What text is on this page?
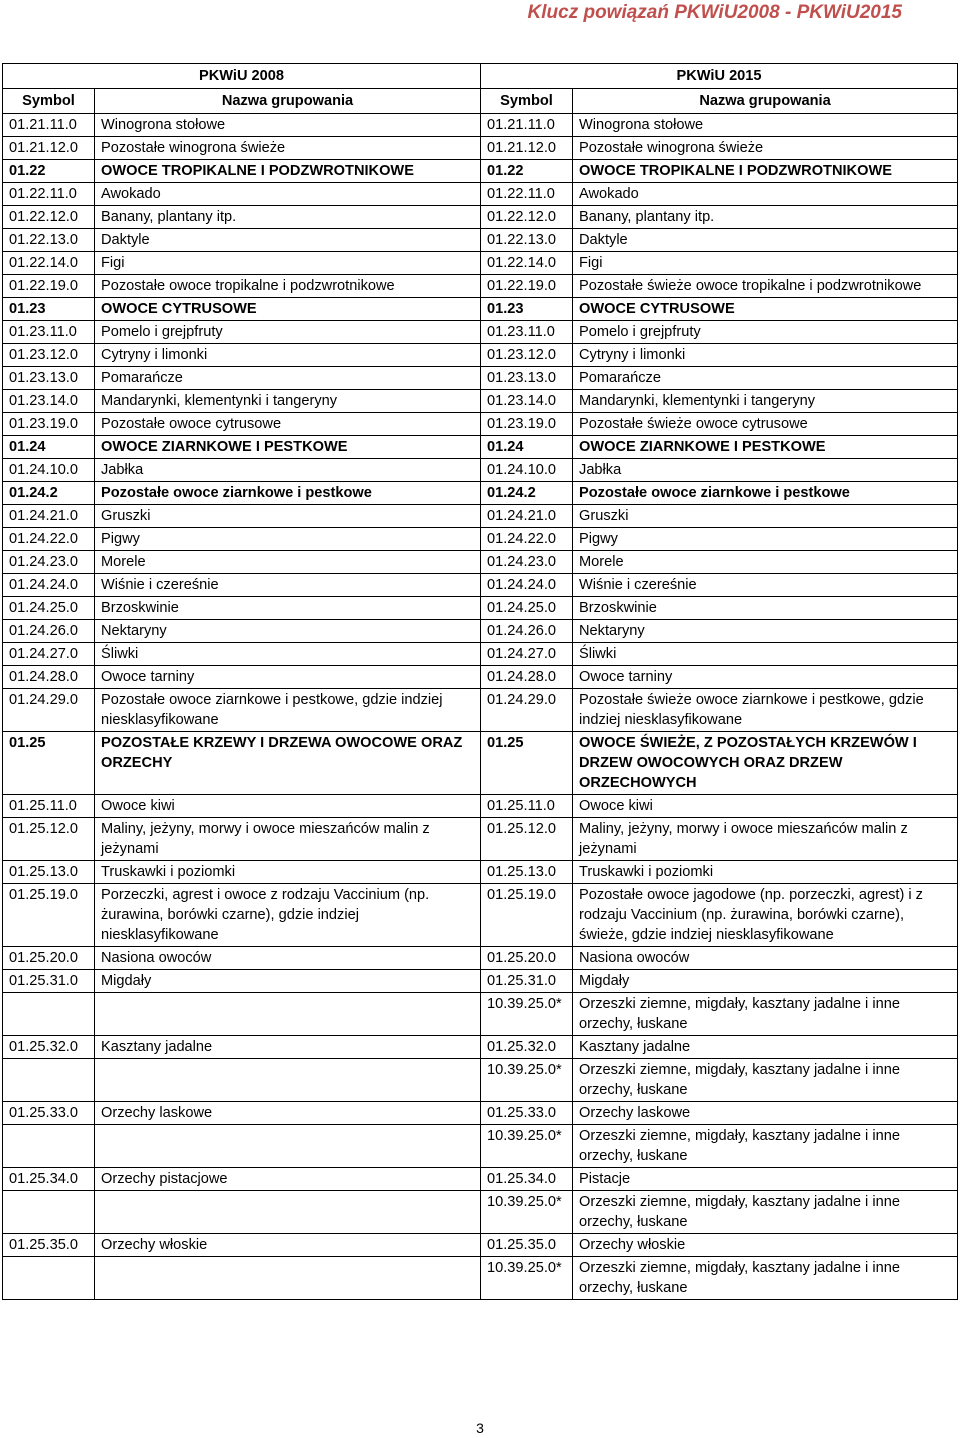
Klucz powiązań PKWiU2008 - PKWiU2015
PKWiU 2008		PKWiU 2015	
Symbol	Nazwa grupowania	Symbol	Nazwa grupowania
01.21.11.0	Winogrona stołowe	01.21.11.0	Winogrona stołowe
01.21.12.0	Pozostałe winogrona świeże	01.21.12.0	Pozostałe winogrona świeże
01.22	OWOCE TROPIKALNE I PODZWROTNIKOWE	01.22	OWOCE TROPIKALNE I PODZWROTNIKOWE
01.22.11.0	Awokado	01.22.11.0	Awokado
01.22.12.0	Banany, plantany itp.	01.22.12.0	Banany, plantany itp.
01.22.13.0	Daktyle	01.22.13.0	Daktyle
01.22.14.0	Figi	01.22.14.0	Figi
01.22.19.0	Pozostałe owoce tropikalne i podzwrotnikowe	01.22.19.0	Pozostałe świeże owoce tropikalne i podzwrotnikowe
01.23	OWOCE CYTRUSOWE	01.23	OWOCE CYTRUSOWE
01.23.11.0	Pomelo i grejpfruty	01.23.11.0	Pomelo i grejpfruty
01.23.12.0	Cytryny i limonki	01.23.12.0	Cytryny i limonki
01.23.13.0	Pomarańcze	01.23.13.0	Pomarańcze
01.23.14.0	Mandarynki, klementynki i tangeryny	01.23.14.0	Mandarynki, klementynki i tangeryny
01.23.19.0	Pozostałe owoce cytrusowe	01.23.19.0	Pozostałe świeże owoce cytrusowe
01.24	OWOCE ZIARNKOWE I PESTKOWE	01.24	OWOCE ZIARNKOWE I PESTKOWE
01.24.10.0	Jabłka	01.24.10.0	Jabłka
01.24.2	Pozostałe owoce ziarnkowe i pestkowe	01.24.2	Pozostałe owoce ziarnkowe i pestkowe
01.24.21.0	Gruszki	01.24.21.0	Gruszki
01.24.22.0	Pigwy	01.24.22.0	Pigwy
01.24.23.0	Morele	01.24.23.0	Morele
01.24.24.0	Wiśnie i czereśnie	01.24.24.0	Wiśnie i czereśnie
01.24.25.0	Brzoskwinie	01.24.25.0	Brzoskwinie
01.24.26.0	Nektaryny	01.24.26.0	Nektaryny
01.24.27.0	Śliwki	01.24.27.0	Śliwki
01.24.28.0	Owoce tarniny	01.24.28.0	Owoce tarniny
01.24.29.0	Pozostałe owoce ziarnkowe i pestkowe, gdzie indziej niesklasyfikowane	01.24.29.0	Pozostałe świeże owoce ziarnkowe i pestkowe, gdzie indziej niesklasyfikowane
01.25	POZOSTAŁE KRZEWY I DRZEWA OWOCOWE ORAZ ORZECHY	01.25	OWOCE ŚWIEŻE, Z POZOSTAŁYCH KRZEWÓW I DRZEW OWOCOWYCH ORAZ DRZEW ORZECHOWYCH
01.25.11.0	Owoce kiwi	01.25.11.0	Owoce kiwi
01.25.12.0	Maliny, jeżyny, morwy i owoce mieszańców malin z jeżynami	01.25.12.0	Maliny, jeżyny, morwy i owoce mieszańców malin z jeżynami
01.25.13.0	Truskawki i poziomki	01.25.13.0	Truskawki i poziomki
01.25.19.0	Porzeczki, agrest i owoce z rodzaju Vaccinium (np. żurawina, borówki czarne), gdzie indziej niesklasyfikowane	01.25.19.0	Pozostałe owoce jagodowe (np. porzeczki, agrest) i z rodzaju Vaccinium (np. żurawina, borówki czarne), świeże, gdzie indziej niesklasyfikowane
01.25.20.0	Nasiona owoców	01.25.20.0	Nasiona owoców
01.25.31.0	Migdały	01.25.31.0	Migdały
		10.39.25.0*	Orzeszki ziemne, migdały, kasztany jadalne i inne orzechy, łuskane
01.25.32.0	Kasztany jadalne	01.25.32.0	Kasztany jadalne
		10.39.25.0*	Orzeszki ziemne, migdały, kasztany jadalne i inne orzechy, łuskane
01.25.33.0	Orzechy laskowe	01.25.33.0	Orzechy laskowe
		10.39.25.0*	Orzeszki ziemne, migdały, kasztany jadalne i inne orzechy, łuskane
01.25.34.0	Orzechy pistacjowe	01.25.34.0	Pistacje
		10.39.25.0*	Orzeszki ziemne, migdały, kasztany jadalne i inne orzechy, łuskane
01.25.35.0	Orzechy włoskie	01.25.35.0	Orzechy włoskie
		10.39.25.0*	Orzeszki ziemne, migdały, kasztany jadalne i inne orzechy, łuskane
3
